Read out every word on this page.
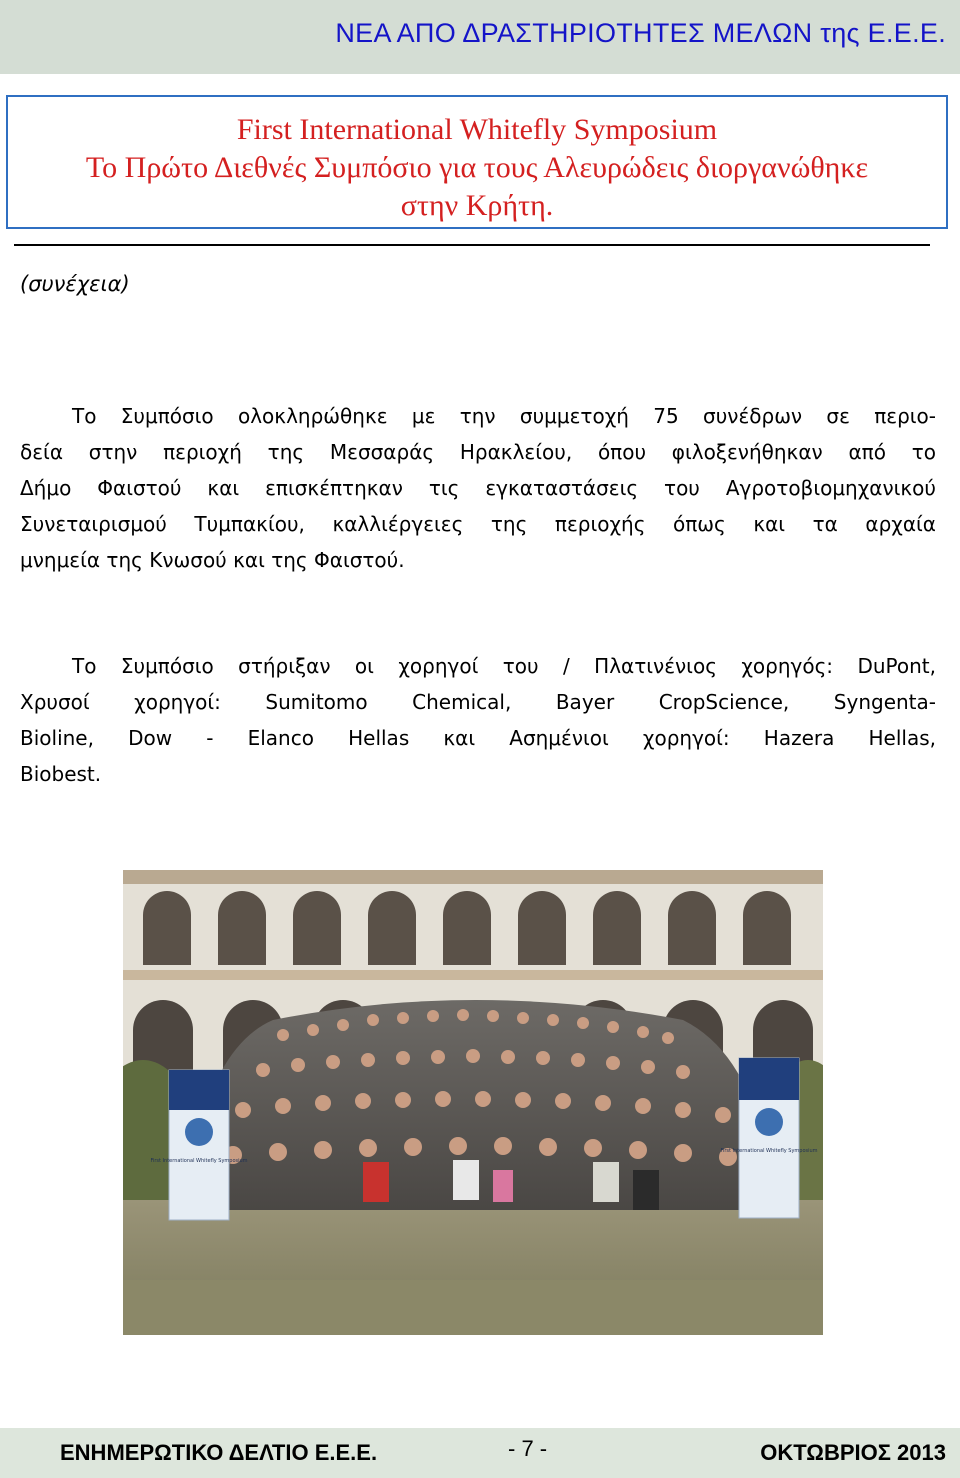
ΝΕΑ ΑΠΟ ΔΡΑΣΤΗΡΙΟΤΗΤΕΣ ΜΕΛΩΝ της Ε.Ε.Ε.
First International Whitefly Symposium
Το Πρώτο Διεθνές Συμπόσιο για τους Αλευρώδεις διοργανώθηκε
στην Κρήτη.
(συνέχεια)
Το Συμπόσιο ολοκληρώθηκε με την συμμετοχή 75 συνέδρων σε περιο-
δεία στην περιοχή της Μεσσαράς Ηρακλείου, όπου φιλοξενήθηκαν από το
Δήμο Φαιστού και επισκέπτηκαν τις εγκαταστάσεις του Αγροτοβιομηχανικού
Συνεταιρισμού Τυμπακίου, καλλιέργειες της περιοχής όπως και τα αρχαία
μνημεία της Κνωσού και της Φαιστού.
Το Συμπόσιο στήριξαν οι χορηγοί του / Πλατινένιος χορηγός: DuPont,
Χρυσοί χορηγοί: Sumitomo Chemical, Bayer CropScience, Syngenta-
Bioline, Dow - Elanco Hellas και Ασημένιοι χορηγοί: Hazera Hellas,
Biobest.
First International Whitefly Symposium
First International Whitefly Symposium
ΕΝΗΜΕΡΩΤΙΚΟ ΔΕΛΤΙΟ Ε.Ε.Ε.	- 7 -	ΟΚΤΩΒΡΙΟΣ 2013
